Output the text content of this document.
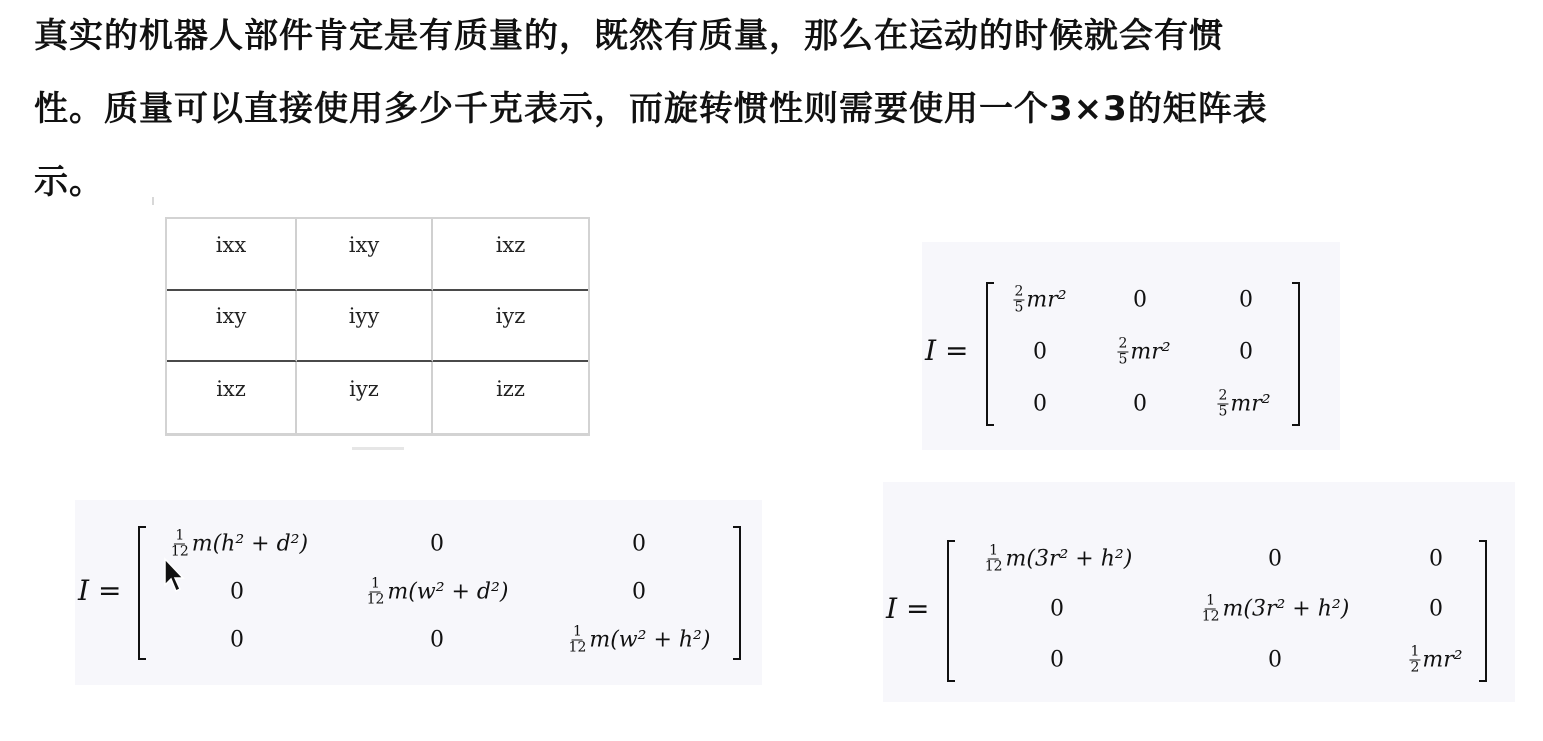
真实的机器人部件肯定是有质量的，既然有质量，那么在运动的时候就会有惯
性。质量可以直接使用多少千克表示，而旋转惯性则需要使用一个3×3的矩阵表
示。
ixx	ixy	ixz
ixy	iyy	iyz
ixz	iyz	izz
I =
$\frac{2}{5} mr^2$	0	0
0	$\frac{2}{5} mr^2$	0
0	0	$\frac{2}{5} mr^2$
I =
$\frac{1}{12} m(h^2 + d^2)$	0	0
0	$\frac{1}{12} m(w^2 + d^2)$	0
0	0	$\frac{1}{12} m(w^2 + h^2)$
I =
$\frac{1}{12} m(3r^2 + h^2)$	0	0
0	$\frac{1}{12} m(3r^2 + h^2)$	0
0	0	$\frac{1}{2} mr^2$
